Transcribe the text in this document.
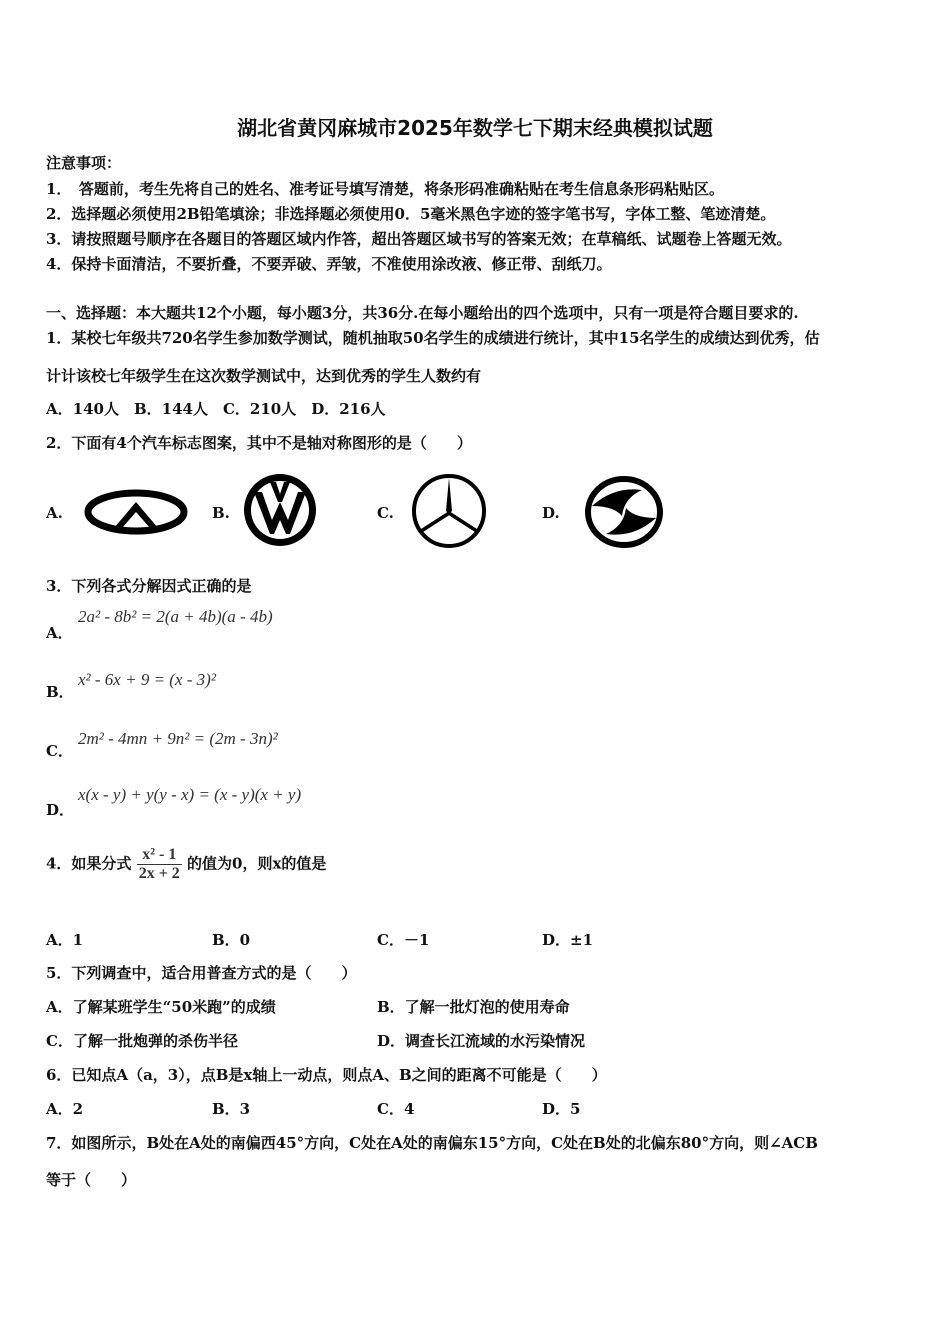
湖北省黄冈麻城市2025年数学七下期末经典模拟试题
注意事项：
1．　答题前，考生先将自己的姓名、准考证号填写清楚，将条形码准确粘贴在考生信息条形码粘贴区。
2．选择题必须使用2B铅笔填涂；非选择题必须使用0．5毫米黑色字迹的签字笔书写，字体工整、笔迹清楚。
3．请按照题号顺序在各题目的答题区域内作答，超出答题区域书写的答案无效；在草稿纸、试题卷上答题无效。
4．保持卡面清洁，不要折叠，不要弄破、弄皱，不准使用涂改液、修正带、刮纸刀。
一、选择题：本大题共12个小题，每小题3分，共36分.在每小题给出的四个选项中，只有一项是符合题目要求的.
1．某校七年级共720名学生参加数学测试，随机抽取50名学生的成绩进行统计，其中15名学生的成绩达到优秀，估
计计该校七年级学生在这次数学测试中，达到优秀的学生人数约有
A．140人　B．144人　C．210人　D．216人
2．下面有4个汽车标志图案，其中不是轴对称图形的是（　　）
A.	B.	C.	D.
3．下列各式分解因式正确的是
A．
2a² - 8b² = 2(a + 4b)(a - 4b)
B．
x² - 6x + 9 = (x - 3)²
C．
2m² - 4mn + 9n² = (2m - 3n)²
D．
x(x - y) + y(y - x) = (x - y)(x + y)
4．如果分式 $\frac{\text{x² - 1}}{2x + 2}$ 的值为0，则x的值是
A．1	B．0	C．－1	D．±1
5．下列调查中，适合用普查方式的是（　　）
A．了解某班学生“50米跑”的成绩	B．了解一批灯泡的使用寿命
C．了解一批炮弹的杀伤半径	D．调查长江流域的水污染情况
6．已知点A（a，3），点B是x轴上一动点，则点A、B之间的距离不可能是（　　）
A．2	B．3	C．4	D．5
7．如图所示，B处在A处的南偏西45°方向，C处在A处的南偏东15°方向，C处在B处的北偏东80°方向，则∠ACB
等于（　　）
